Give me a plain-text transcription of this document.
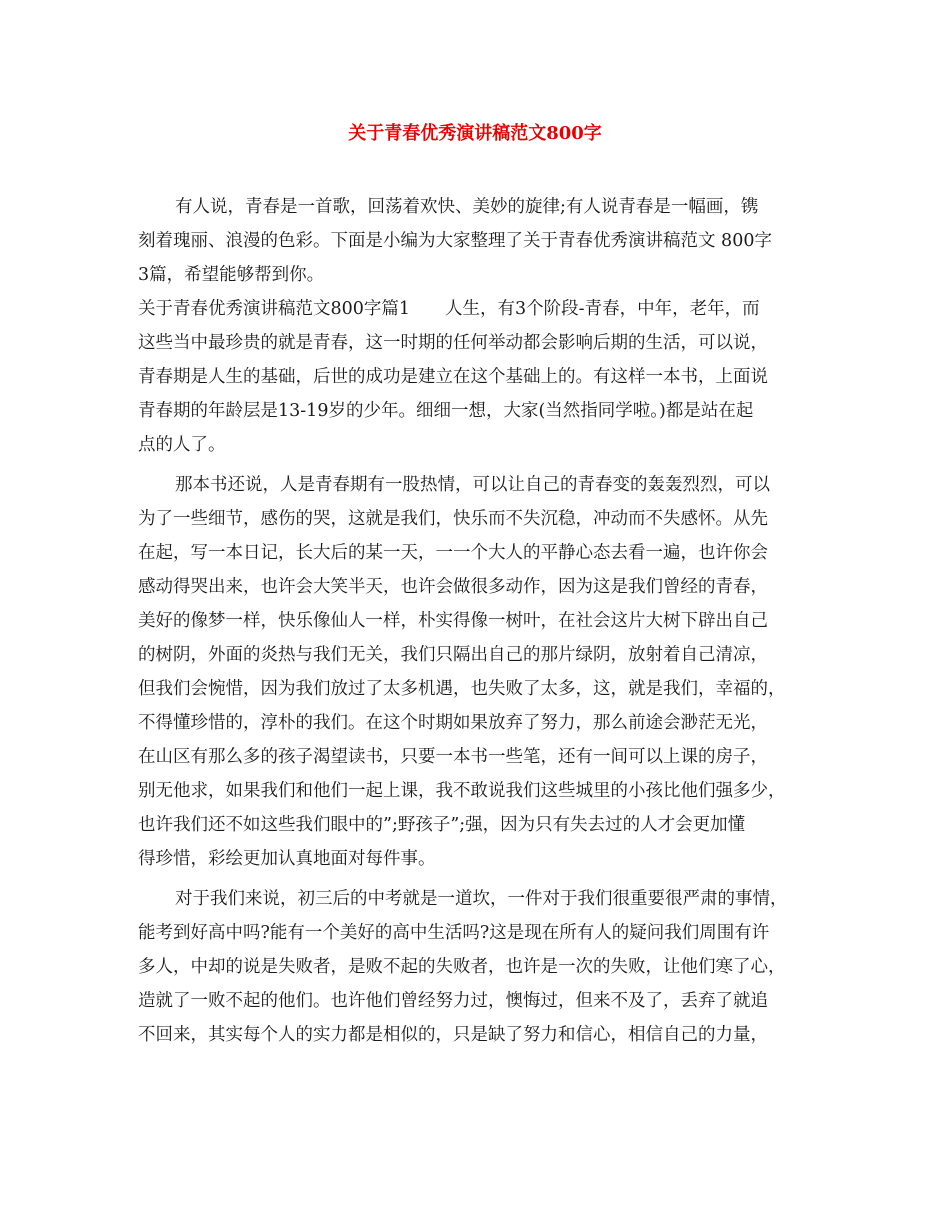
关于青春优秀演讲稿范文800字
有人说，青春是一首歌，回荡着欢快、美妙的旋律;有人说青春是一幅画，镌
刻着瑰丽、浪漫的色彩。下面是小编为大家整理了关于青春优秀演讲稿范文 800字
3篇，希望能够帮到你。
关于青春优秀演讲稿范文800字篇1　　人生，有3个阶段-青春，中年，老年，而
这些当中最珍贵的就是青春，这一时期的任何举动都会影响后期的生活，可以说，
青春期是人生的基础，后世的成功是建立在这个基础上的。有这样一本书，上面说
青春期的年龄层是13-19岁的少年。细细一想，大家(当然指同学啦。)都是站在起
点的人了。
那本书还说，人是青春期有一股热情，可以让自己的青春变的轰轰烈烈，可以
为了一些细节，感伤的哭，这就是我们，快乐而不失沉稳，冲动而不失感怀。从先
在起，写一本日记，长大后的某一天，一一个大人的平静心态去看一遍，也许你会
感动得哭出来，也许会大笑半天，也许会做很多动作，因为这是我们曾经的青春，
美好的像梦一样，快乐像仙人一样，朴实得像一树叶，在社会这片大树下辟出自己
的树阴，外面的炎热与我们无关，我们只隔出自己的那片绿阴，放射着自己清凉，
但我们会惋惜，因为我们放过了太多机遇，也失败了太多，这，就是我们，幸福的，
不得懂珍惜的，淳朴的我们。在这个时期如果放弃了努力，那么前途会渺茫无光，
在山区有那么多的孩子渴望读书，只要一本书一些笔，还有一间可以上课的房子，
别无他求，如果我们和他们一起上课，我不敢说我们这些城里的小孩比他们强多少，
也许我们还不如这些我们眼中的”;野孩子”;强，因为只有失去过的人才会更加懂
得珍惜，彩绘更加认真地面对每件事。
对于我们来说，初三后的中考就是一道坎，一件对于我们很重要很严肃的事情，
能考到好高中吗?能有一个美好的高中生活吗?这是现在所有人的疑问我们周围有许
多人，中却的说是失败者，是败不起的失败者，也许是一次的失败，让他们寒了心，
造就了一败不起的他们。也许他们曾经努力过，懊悔过，但来不及了，丢弃了就追
不回来，其实每个人的实力都是相似的，只是缺了努力和信心，相信自己的力量，
